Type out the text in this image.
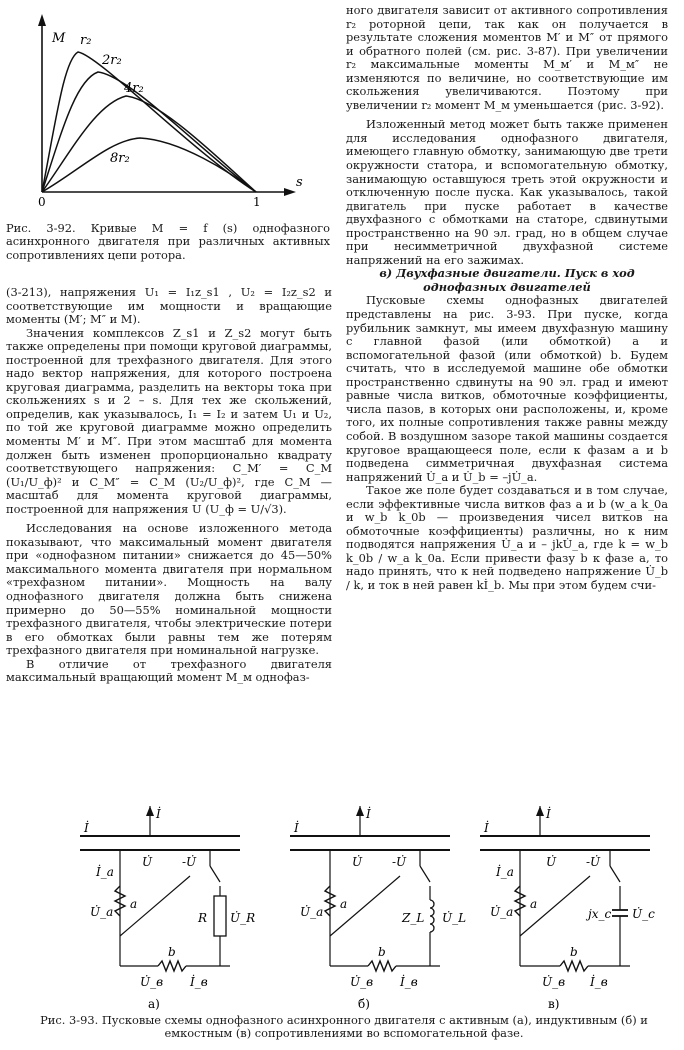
M
s
0	1
r₂
2r₂
4r₂
8r₂
Рис. 3-92. Кривые M = f (s) однофазного асинхронного двигателя при различных активных сопротивлениях цепи ротора.

(3-213), напряжения U₁ = I₁z_s1 , U₂ = I₂z_s2 и соответствующие им мощности и вращающие моменты (M′; M″ и M).

Значения комплексов Z_s1 и Z_s2 могут быть также определены при помощи круговой диаграммы, построенной для трехфазного двигателя. Для этого надо вектор напряжения, для которого построена круговая диаграмма, разделить на векторы тока при скольжениях s и 2 – s. Для тех же скольжений, определив, как указывалось, I₁ = I₂ и затем U₁ и U₂, по той же круговой диаграмме можно определить моменты M′ и M″. При этом масштаб для момента должен быть изменен пропорционально квадрату соответствующего напряжения: C_M′ = C_M (U₁/U_ф)² и C_M″ = C_M (U₂/U_ф)², где C_M — масштаб для момента круговой диаграммы, построенной для напряжения U (U_ф = U/√3).

Исследования на основе изложенного метода показывают, что максимальный момент двигателя при «однофазном питании» снижается до 45—50% максимального момента двигателя при нормальном «трехфазном питании». Мощность на валу однофазного двигателя должна быть снижена примерно до 50—55% номинальной мощности трехфазного двигателя, чтобы электрические потери в его обмотках были равны тем же потерям трехфазного двигателя при номинальной нагрузке.

В отличие от трехфазного двигателя максимальный вращающий момент M_м однофаз-

ного двигателя зависит от активного сопротивления r₂ роторной цепи, так как он получается в результате сложения моментов M′ и M″ от прямого и обратного полей (см. рис. 3-87). При увеличении r₂ максимальные моменты M_м′ и M_м″ не изменяются по величине, но соответствующие им скольжения увеличиваются. Поэтому при увеличении r₂ момент M_м уменьшается (рис. 3-92).

Изложенный метод может быть также применен для исследования однофазного двигателя, имеющего главную обмотку, занимающую две трети окружности статора, и вспомогательную обмотку, занимающую оставшуюся треть этой окружности и отключенную после пуска. Как указывалось, такой двигатель при пуске работает в качестве двухфазного с обмотками на статоре, сдвинутыми пространственно на 90 эл. град, но в общем случае при несимметричной двухфазной системе напряжений на его зажимах.

в) Двухфазные двигатели. Пуск в ход однофазных двигателей

Пусковые схемы однофазных двигателей представлены на рис. 3-93. При пуске, когда рубильник замкнут, мы имеем двухфазную машину с главной фазой (или обмоткой) a и вспомогательной фазой (или обмоткой) b. Будем считать, что в исследуемой машине обе обмотки пространственно сдвинуты на 90 эл. град и имеют равные числа витков, обмоточные коэффициенты, числа пазов, в которых они расположены, и, кроме того, их полные сопротивления также равны между собой. В воздушном зазоре такой машины создается круговое вращающееся поле, если к фазам a и b подведена симметричная двухфазная система напряжений U̇_a и U̇_b = –jU̇_a.

Такое же поле будет создаваться и в том случае, если эффективные числа витков фаз a и b (w_a k_0a и w_b k_0b — произведения чисел витков на обмоточные коэффициенты) различны, но к ним подводятся напряжения U̇_a и – jkU̇_a, где k = w_b k_0b / w_a k_0a. Если привести фазу b к фазе a, то надо принять, что к ней подведено напряжение U̇_b / k, и ток в ней равен kİ_b. Мы при этом будем счи-

İ
İ
U̇ -U̇
a
İ_a
U̇_a
b
U̇_в İ_в
R U̇_R
а)
İ
İ
U̇ -U̇
a
U̇_a
b
U̇_в İ_в
Z_L U̇_L
б)
İ
İ
U̇ -U̇
a
İ_a
U̇_a
b
U̇_в İ_в
jx_c U̇_c
в)
Рис. 3-93. Пусковые схемы однофазного асинхронного двигателя с активным (а), индуктивным (б) и емкостным (в) сопротивлениями во вспомогательной фазе.
